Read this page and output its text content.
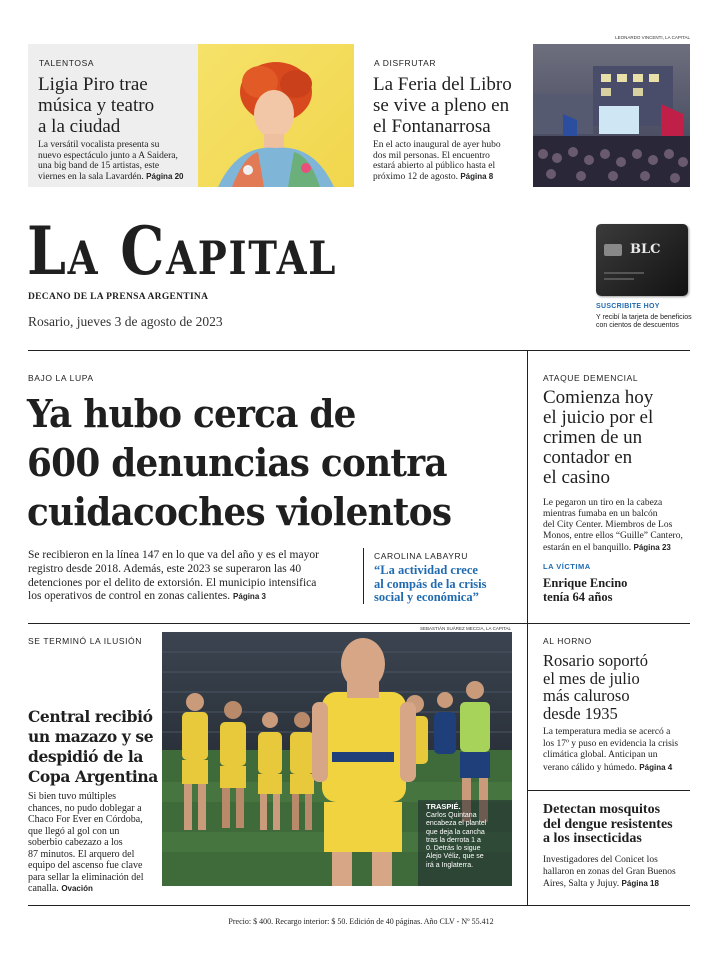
LEONARDO VINCENTI, LA CAPITAL
TALENTOSA
Ligia Piro trae
música y teatro
a la ciudad
La versátil vocalista presenta su
nuevo espectáculo junto a A Saidera,
una big band de 15 artistas, este
viernes en la sala Lavardén. Página 20
A DISFRUTAR
La Feria del Libro
se vive a pleno en
el Fontanarrosa
En el acto inaugural de ayer hubo
dos mil personas. El encuentro
estará abierto al público hasta el
próximo 12 de agosto. Página 8
La Capital
DECANO DE LA PRENSA ARGENTINA
Rosario, jueves 3 de agosto de 2023
BLC
SUSCRIBITE HOY
Y recibí la tarjeta de beneficios
con cientos de descuentos
BAJO LA LUPA
Ya hubo cerca de
600 denuncias contra
cuidacoches violentos
Se recibieron en la línea 147 en lo que va del año y es el mayor
registro desde 2018. Además, este 2023 se superaron las 40
detenciones por el delito de extorsión. El municipio intensifica
los operativos de control en zonas calientes. Página 3
CAROLINA LABAYRU
“La actividad crece
al compás de la crisis
social y económica”
ATAQUE DEMENCIAL
Comienza hoy
el juicio por el
crimen de un
contador en
el casino
Le pegaron un tiro en la cabeza
mientras fumaba en un balcón
del City Center. Miembros de Los
Monos, entre ellos “Guille” Cantero,
estarán en el banquillo. Página 23
LA VÍCTIMA
Enrique Encino
tenía 64 años
SE TERMINÓ LA ILUSIÓN
Central recibió
un mazazo y se
despidió de la
Copa Argentina
Si bien tuvo múltiples
chances, no pudo doblegar a
Chaco For Ever en Córdoba,
que llegó al gol con un
soberbio cabezazo a los
87 minutos. El arquero del
equipo del ascenso fue clave
para sellar la eliminación del
canalla. Ovación
SEBASTIÁN SUÁREZ MECCIA, LA CAPITAL
TRASPIÉ.
Carlos Quintana
encabeza el plantel
que deja la cancha
tras la derrota 1 a
0. Detrás lo sigue
Alejo Véliz, que se
irá a Inglaterra.
AL HORNO
Rosario soportó
el mes de julio
más caluroso
desde 1935
La temperatura media se acercó a
los 17º y puso en evidencia la crisis
climática global. Anticipan un
verano cálido y húmedo. Página 4
Detectan mosquitos
del dengue resistentes
a los insecticidas
Investigadores del Conicet los
hallaron en zonas del Gran Buenos
Aires, Salta y Jujuy. Página 18
Precio: $ 400. Recargo interior: $ 50. Edición de 40 páginas. Año CLV - Nº 55.412
